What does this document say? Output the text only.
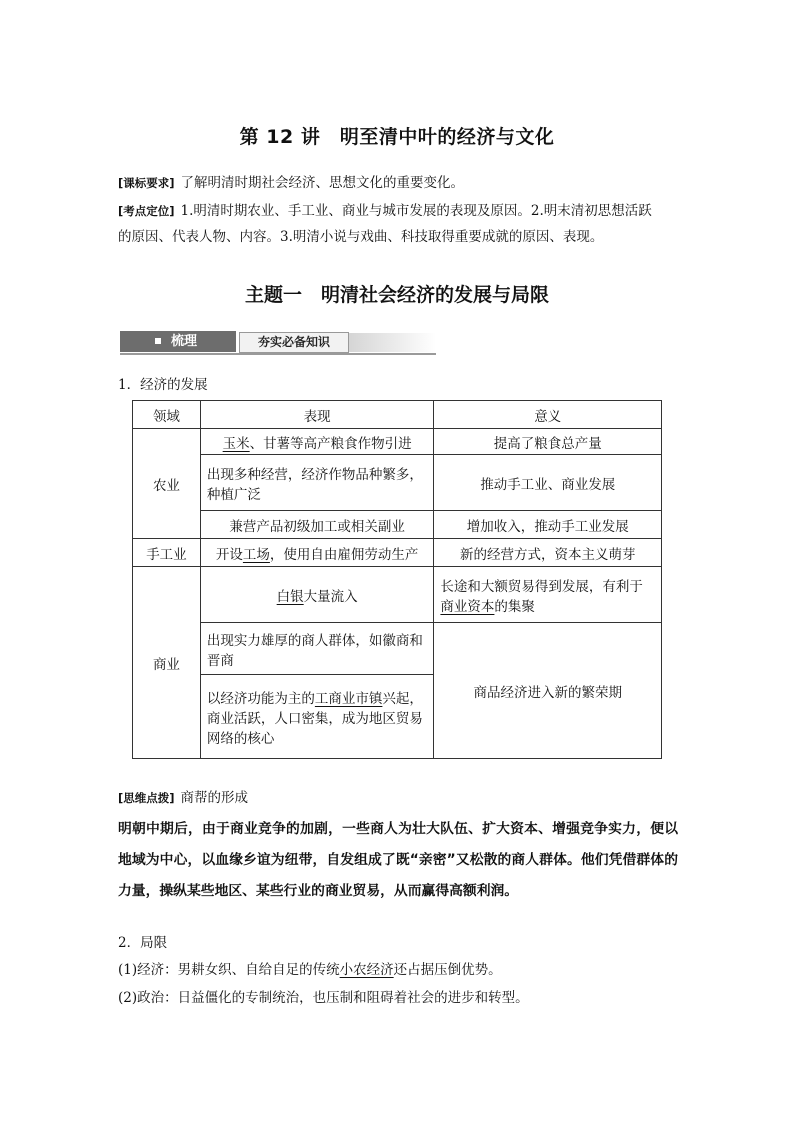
第 12 讲　明至清中叶的经济与文化
[课标要求] 了解明清时期社会经济、思想文化的重要变化。
[考点定位] 1.明清时期农业、手工业、商业与城市发展的表现及原因。2.明末清初思想活跃
的原因、代表人物、内容。3.明清小说与戏曲、科技取得重要成就的原因、表现。
主题一　明清社会经济的发展与局限
梳理	夯实必备知识
1．经济的发展
领域	表现	意义
农业	玉米、甘薯等高产粮食作物引进	提高了粮食总产量
	出现多种经营，经济作物品种繁多，种植广泛	推动手工业、商业发展
	兼营产品初级加工或相关副业	增加收入，推动手工业发展
手工业	开设工场，使用自由雇佣劳动生产	新的经营方式，资本主义萌芽
商业	白银大量流入	长途和大额贸易得到发展，有利于商业资本的集聚
	出现实力雄厚的商人群体，如徽商和晋商	商品经济进入新的繁荣期
	以经济功能为主的工商业市镇兴起，商业活跃，人口密集，成为地区贸易网络的核心	
[思维点拨] 商帮的形成
明朝中期后，由于商业竞争的加剧，一些商人为壮大队伍、扩大资本、增强竞争实力，便以地域为中心，以血缘乡谊为纽带，自发组成了既“亲密”又松散的商人群体。他们凭借群体的力量，操纵某些地区、某些行业的商业贸易，从而赢得高额利润。
2．局限
(1)经济：男耕女织、自给自足的传统小农经济还占据压倒优势。
(2)政治：日益僵化的专制统治，也压制和阻碍着社会的进步和转型。
